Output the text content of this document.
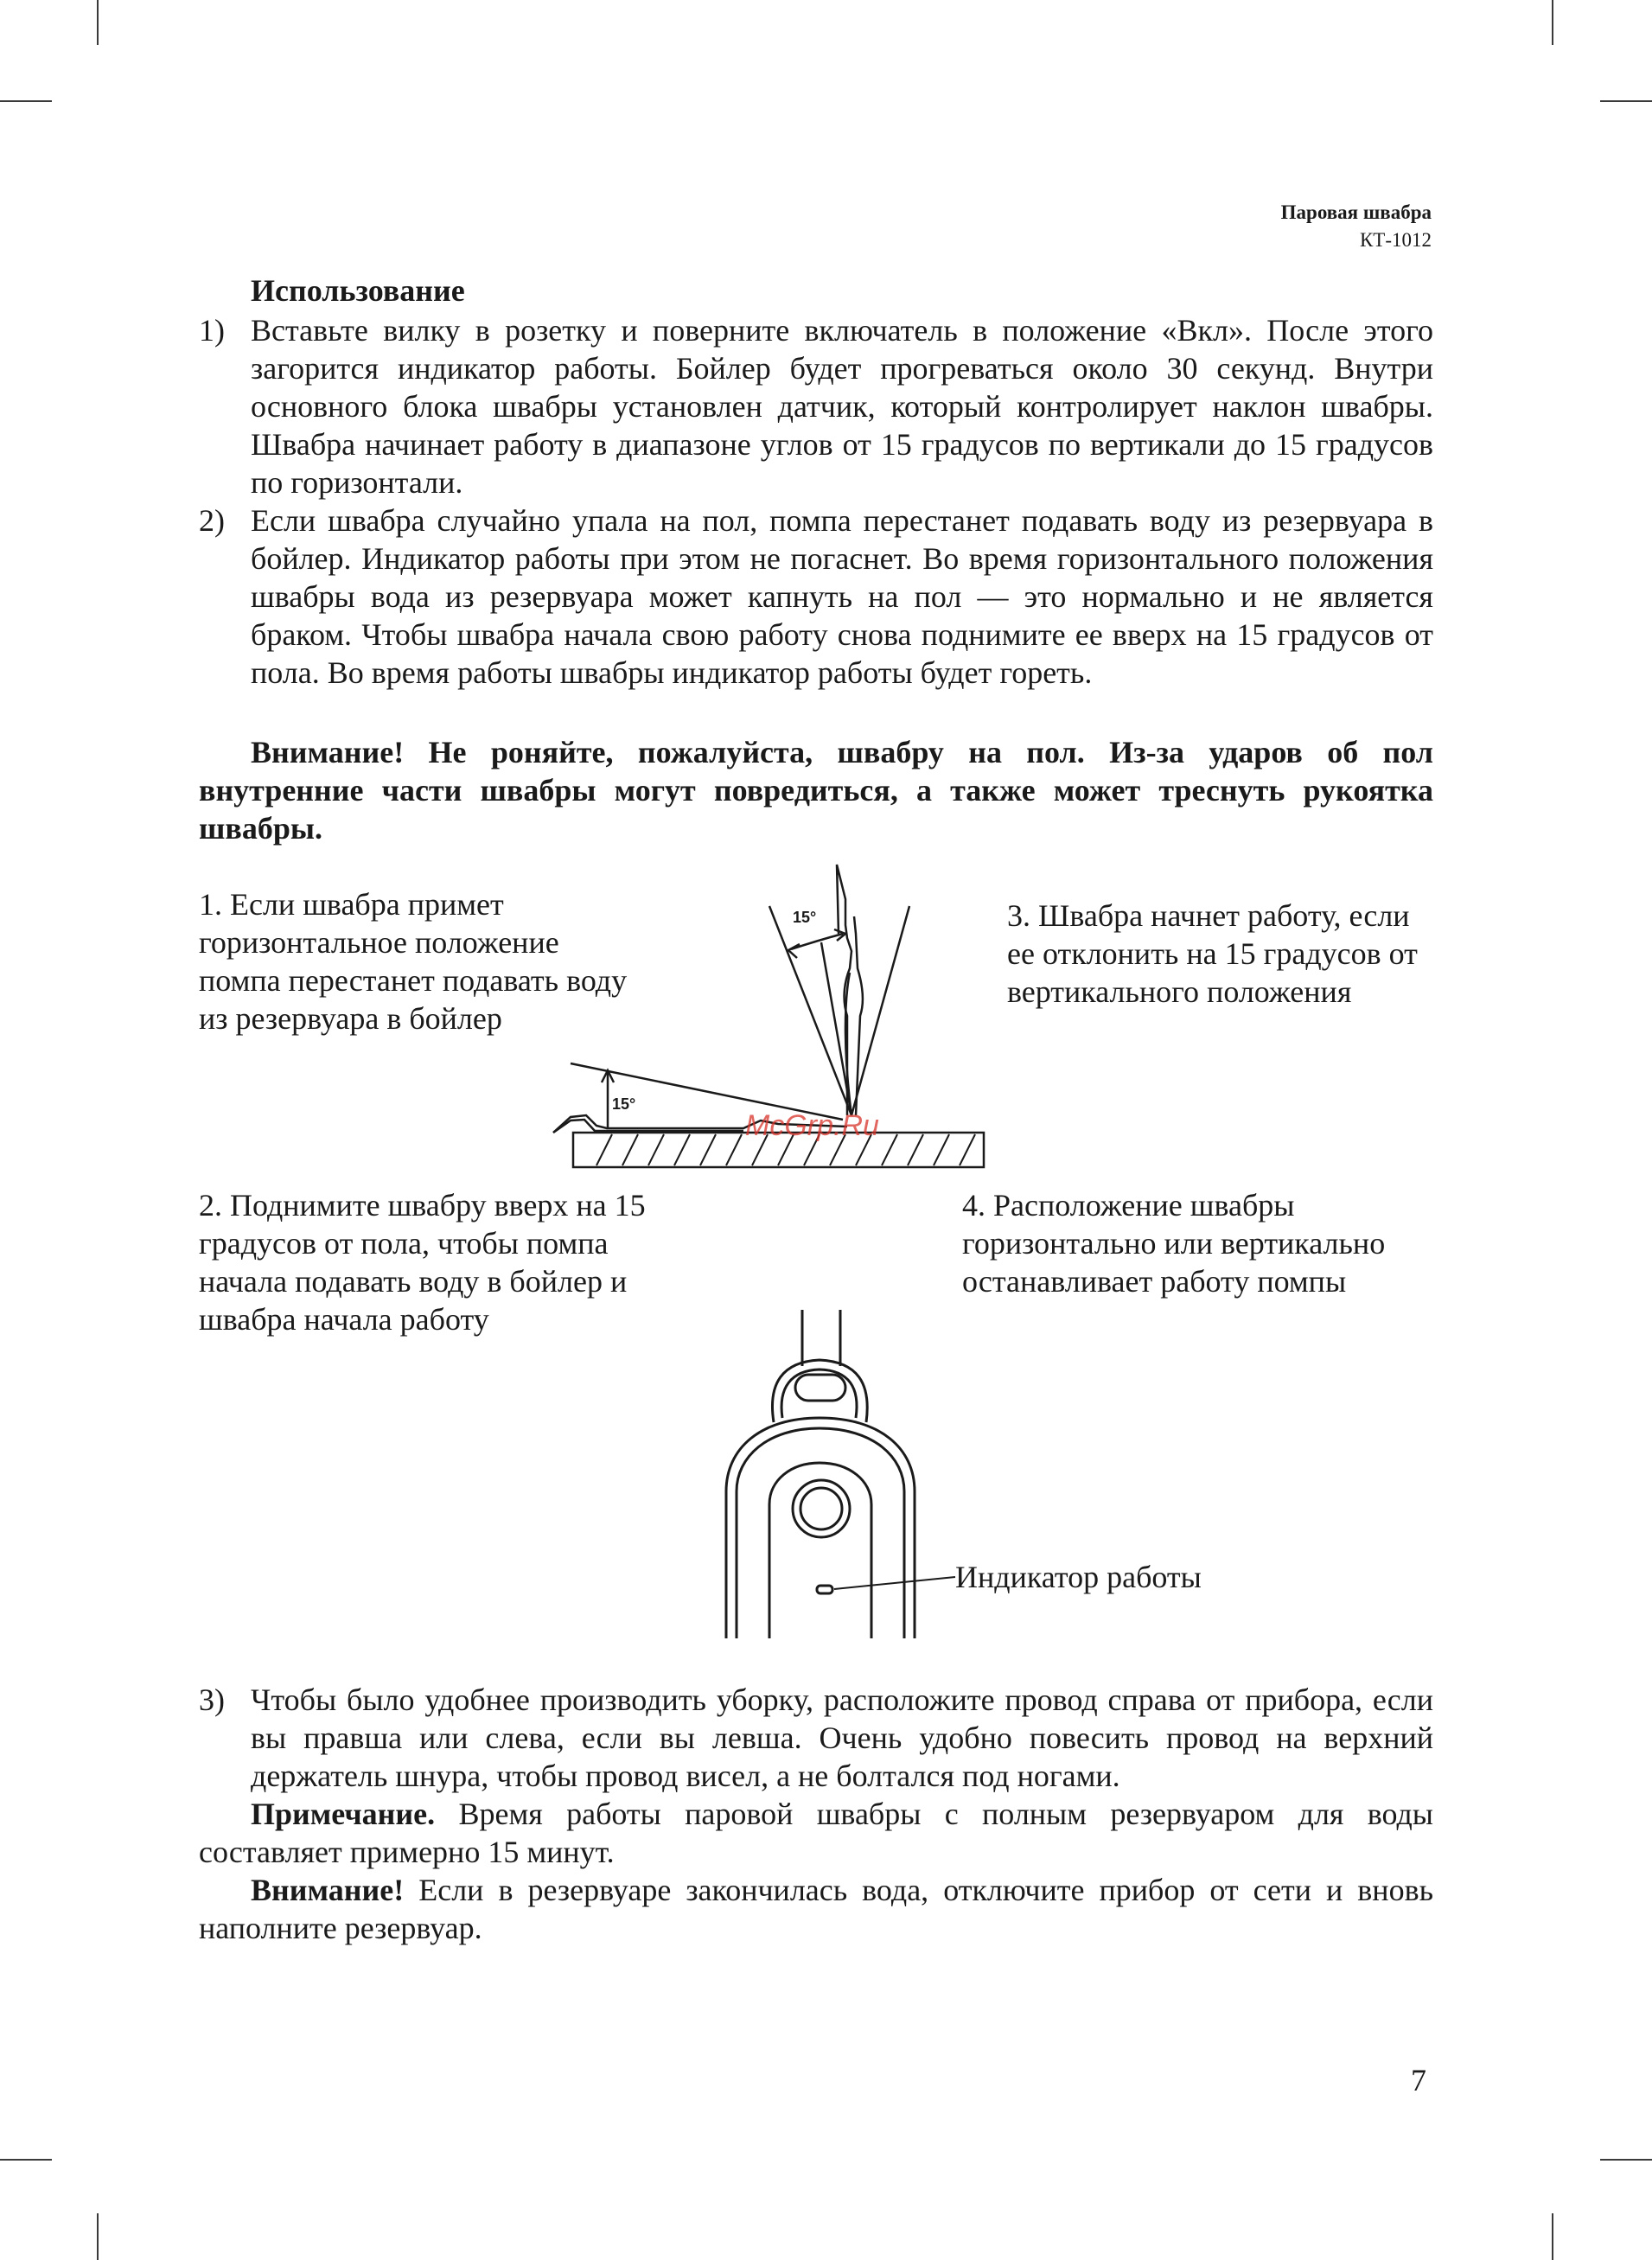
Паровая швабра
КТ-1012
Использование
1) Вставьте вилку в розетку и поверните включатель в положение «Вкл». После этого загорится индикатор работы. Бойлер будет прогреваться около 30 секунд. Внутри основного блока швабры установлен датчик, который контролирует наклон швабры. Швабра начинает работу в диапазоне углов от 15 градусов по вертикали до 15 градусов по горизонтали.
2) Если швабра случайно упала на пол, помпа перестанет подавать воду из резервуара в бойлер. Индикатор работы при этом не погаснет. Во время горизонтального положения швабры вода из резервуара может капнуть на пол — это нормально и не является браком. Чтобы швабра начала свою работу снова поднимите ее вверх на 15 градусов от пола. Во время работы швабры индикатор работы будет гореть.
Внимание! Не роняйте, пожалуйста, швабру на пол. Из-за ударов об пол внутренние части швабры могут повредиться, а также может треснуть рукоятка швабры.
1. Если швабра примет горизонтальное положение помпа перестанет подавать воду из резервуара в бойлер
3. Швабра начнет работу, если ее отклонить на 15 градусов от вертикального положения
2. Поднимите швабру вверх на 15 градусов от пола, чтобы помпа начала подавать воду в бойлер и швабра начала работу
4. Расположение швабры горизонтально или вертикально останавливает работу помпы
15°
15°
McGrp.Ru
Индикатор работы
3) Чтобы было удобнее производить уборку, расположите провод справа от прибора, если вы правша или слева, если вы левша. Очень удобно повесить провод на верхний держатель шнура, чтобы провод висел, а не болтался под ногами.
Примечание. Время работы паровой швабры с полным резервуаром для воды составляет примерно 15 минут.
Внимание! Если в резервуаре закончилась вода, отключите прибор от сети и вновь наполните резервуар.
7
